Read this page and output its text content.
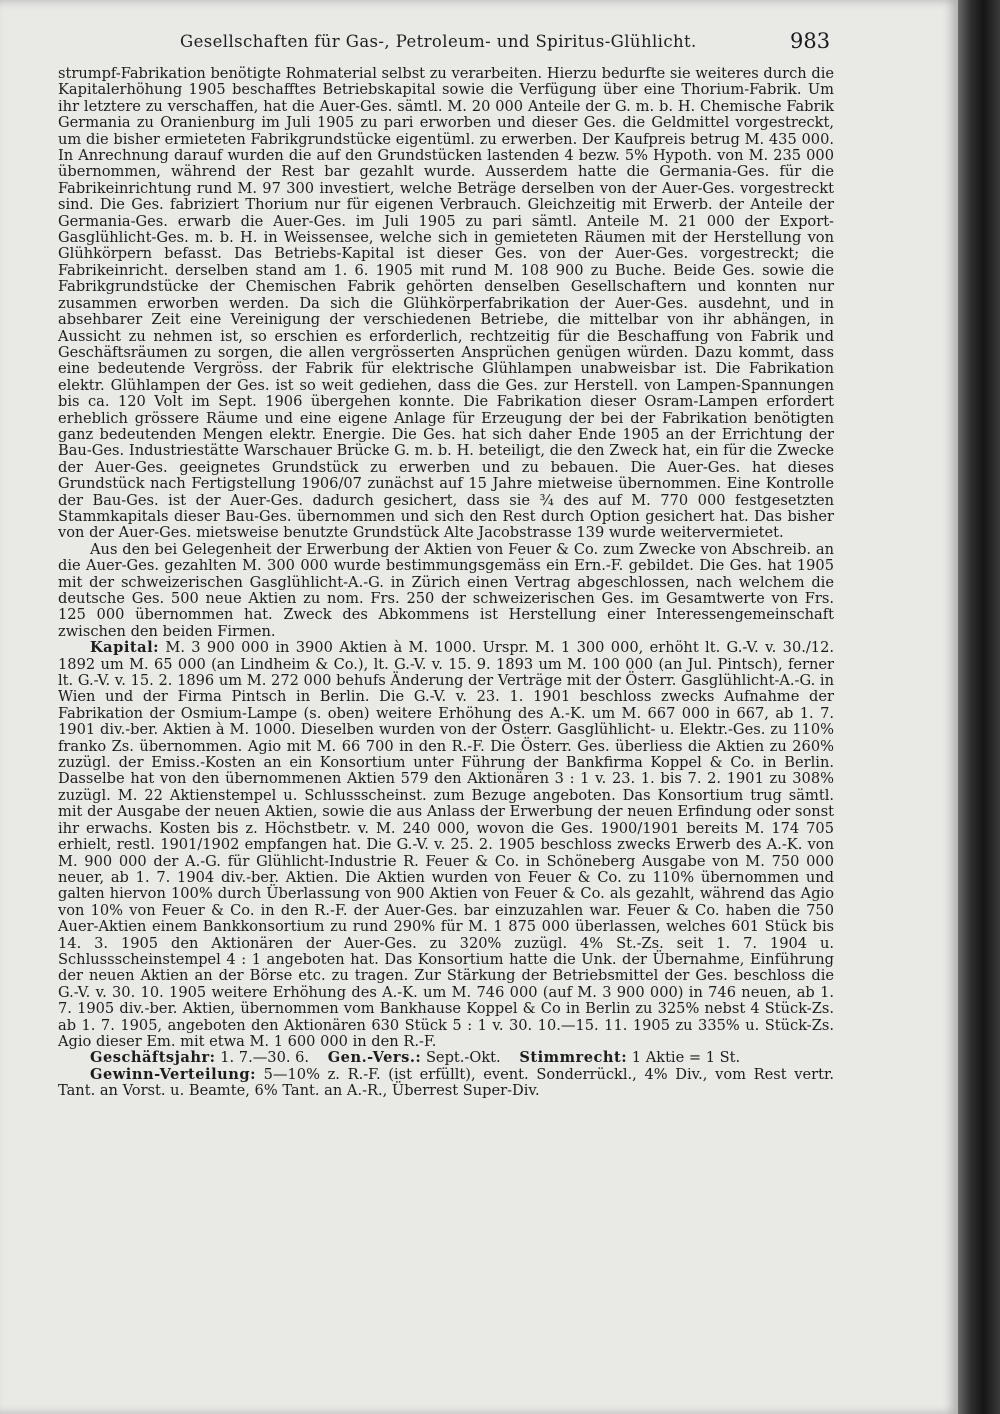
Gesellschaften für Gas-, Petroleum- und Spiritus-Glühlicht.	983

strumpf-Fabrikation benötigte Rohmaterial selbst zu verarbeiten. Hierzu bedurfte sie weiteres durch die Kapitalerhöhung 1905 beschafftes Betriebskapital sowie die Verfügung über eine Thorium-Fabrik. Um ihr letztere zu verschaffen, hat die Auer-Ges. sämtl. M. 20 000 Anteile der G. m. b. H. Chemische Fabrik Germania zu Oranienburg im Juli 1905 zu pari erworben und dieser Ges. die Geldmittel vorgestreckt, um die bisher ermieteten Fabrikgrundstücke eigentüml. zu erwerben. Der Kaufpreis betrug M. 435 000. In Anrechnung darauf wurden die auf den Grundstücken lastenden 4 bezw. 5% Hypoth. von M. 235 000 übernommen, während der Rest bar gezahlt wurde. Ausserdem hatte die Germania-Ges. für die Fabrikeinrichtung rund M. 97 300 investiert, welche Beträge derselben von der Auer-Ges. vorgestreckt sind. Die Ges. fabriziert Thorium nur für eigenen Verbrauch. Gleichzeitig mit Erwerb. der Anteile der Germania-Ges. erwarb die Auer-Ges. im Juli 1905 zu pari sämtl. Anteile M. 21 000 der Export-Gasglühlicht-Ges. m. b. H. in Weissensee, welche sich in gemieteten Räumen mit der Herstellung von Glühkörpern befasst. Das Betriebs-Kapital ist dieser Ges. von der Auer-Ges. vorgestreckt; die Fabrikeinricht. derselben stand am 1. 6. 1905 mit rund M. 108 900 zu Buche. Beide Ges. sowie die Fabrikgrundstücke der Chemischen Fabrik gehörten denselben Gesellschaftern und konnten nur zusammen erworben werden. Da sich die Glühkörperfabrikation der Auer-Ges. ausdehnt, und in absehbarer Zeit eine Vereinigung der verschiedenen Betriebe, die mittelbar von ihr abhängen, in Aussicht zu nehmen ist, so erschien es erforderlich, rechtzeitig für die Beschaffung von Fabrik und Geschäftsräumen zu sorgen, die allen vergrösserten Ansprüchen genügen würden. Dazu kommt, dass eine bedeutende Vergröss. der Fabrik für elektrische Glühlampen unabweisbar ist. Die Fabrikation elektr. Glühlampen der Ges. ist so weit gediehen, dass die Ges. zur Herstell. von Lampen-Spannungen bis ca. 120 Volt im Sept. 1906 übergehen konnte. Die Fabrikation dieser Osram-Lampen erfordert erheblich grössere Räume und eine eigene Anlage für Erzeugung der bei der Fabrikation benötigten ganz bedeutenden Mengen elektr. Energie. Die Ges. hat sich daher Ende 1905 an der Errichtung der Bau-Ges. Industriestätte Warschauer Brücke G. m. b. H. beteiligt, die den Zweck hat, ein für die Zwecke der Auer-Ges. geeignetes Grundstück zu erwerben und zu bebauen. Die Auer-Ges. hat dieses Grundstück nach Fertigstellung 1906/07 zunächst auf 15 Jahre mietweise übernommen. Eine Kontrolle der Bau-Ges. ist der Auer-Ges. dadurch gesichert, dass sie ¾ des auf M. 770 000 festgesetzten Stammkapitals dieser Bau-Ges. übernommen und sich den Rest durch Option gesichert hat. Das bisher von der Auer-Ges. mietsweise benutzte Grundstück Alte Jacobstrasse 139 wurde weitervermietet.

Aus den bei Gelegenheit der Erwerbung der Aktien von Feuer & Co. zum Zwecke von Abschreib. an die Auer-Ges. gezahlten M. 300 000 wurde bestimmungsgemäss ein Ern.-F. gebildet. Die Ges. hat 1905 mit der schweizerischen Gasglühlicht-A.-G. in Zürich einen Vertrag abgeschlossen, nach welchem die deutsche Ges. 500 neue Aktien zu nom. Frs. 250 der schweizerischen Ges. im Gesamtwerte von Frs. 125 000 übernommen hat. Zweck des Abkommens ist Herstellung einer Interessengemeinschaft zwischen den beiden Firmen.

Kapital: M. 3 900 000 in 3900 Aktien à M. 1000. Urspr. M. 1 300 000, erhöht lt. G.-V. v. 30./12. 1892 um M. 65 000 (an Lindheim & Co.), lt. G.-V. v. 15. 9. 1893 um M. 100 000 (an Jul. Pintsch), ferner lt. G.-V. v. 15. 2. 1896 um M. 272 000 behufs Änderung der Verträge mit der Österr. Gasglühlicht-A.-G. in Wien und der Firma Pintsch in Berlin. Die G.-V. v. 23. 1. 1901 beschloss zwecks Aufnahme der Fabrikation der Osmium-Lampe (s. oben) weitere Erhöhung des A.-K. um M. 667 000 in 667, ab 1. 7. 1901 div.-ber. Aktien à M. 1000. Dieselben wurden von der Österr. Gasglühlicht- u. Elektr.-Ges. zu 110% franko Zs. übernommen. Agio mit M. 66 700 in den R.-F. Die Österr. Ges. überliess die Aktien zu 260% zuzügl. der Emiss.-Kosten an ein Konsortium unter Führung der Bankfirma Koppel & Co. in Berlin. Dasselbe hat von den übernommenen Aktien 579 den Aktionären 3 : 1 v. 23. 1. bis 7. 2. 1901 zu 308% zuzügl. M. 22 Aktienstempel u. Schlussscheinst. zum Bezuge angeboten. Das Konsortium trug sämtl. mit der Ausgabe der neuen Aktien, sowie die aus Anlass der Erwerbung der neuen Erfindung oder sonst ihr erwachs. Kosten bis z. Höchstbetr. v. M. 240 000, wovon die Ges. 1900/1901 bereits M. 174 705 erhielt, restl. 1901/1902 empfangen hat. Die G.-V. v. 25. 2. 1905 beschloss zwecks Erwerb des A.-K. von M. 900 000 der A.-G. für Glühlicht-Industrie R. Feuer & Co. in Schöneberg Ausgabe von M. 750 000 neuer, ab 1. 7. 1904 div.-ber. Aktien. Die Aktien wurden von Feuer & Co. zu 110% übernommen und galten hiervon 100% durch Überlassung von 900 Aktien von Feuer & Co. als gezahlt, während das Agio von 10% von Feuer & Co. in den R.-F. der Auer-Ges. bar einzuzahlen war. Feuer & Co. haben die 750 Auer-Aktien einem Bankkonsortium zu rund 290% für M. 1 875 000 überlassen, welches 601 Stück bis 14. 3. 1905 den Aktionären der Auer-Ges. zu 320% zuzügl. 4% St.-Zs. seit 1. 7. 1904 u. Schlussscheinstempel 4 : 1 angeboten hat. Das Konsortium hatte die Unk. der Übernahme, Einführung der neuen Aktien an der Börse etc. zu tragen. Zur Stärkung der Betriebsmittel der Ges. beschloss die G.-V. v. 30. 10. 1905 weitere Erhöhung des A.-K. um M. 746 000 (auf M. 3 900 000) in 746 neuen, ab 1. 7. 1905 div.-ber. Aktien, übernommen vom Bankhause Koppel & Co in Berlin zu 325% nebst 4 Stück-Zs. ab 1. 7. 1905, angeboten den Aktionären 630 Stück 5 : 1 v. 30. 10.—15. 11. 1905 zu 335% u. Stück-Zs. Agio dieser Em. mit etwa M. 1 600 000 in den R.-F.

Geschäftsjahr: 1. 7.—30. 6. Gen.-Vers.: Sept.-Okt. Stimmrecht: 1 Aktie = 1 St.

Gewinn-Verteilung: 5—10% z. R.-F. (ist erfüllt), event. Sonderrückl., 4% Div., vom Rest vertr. Tant. an Vorst. u. Beamte, 6% Tant. an A.-R., Überrest Super-Div.
